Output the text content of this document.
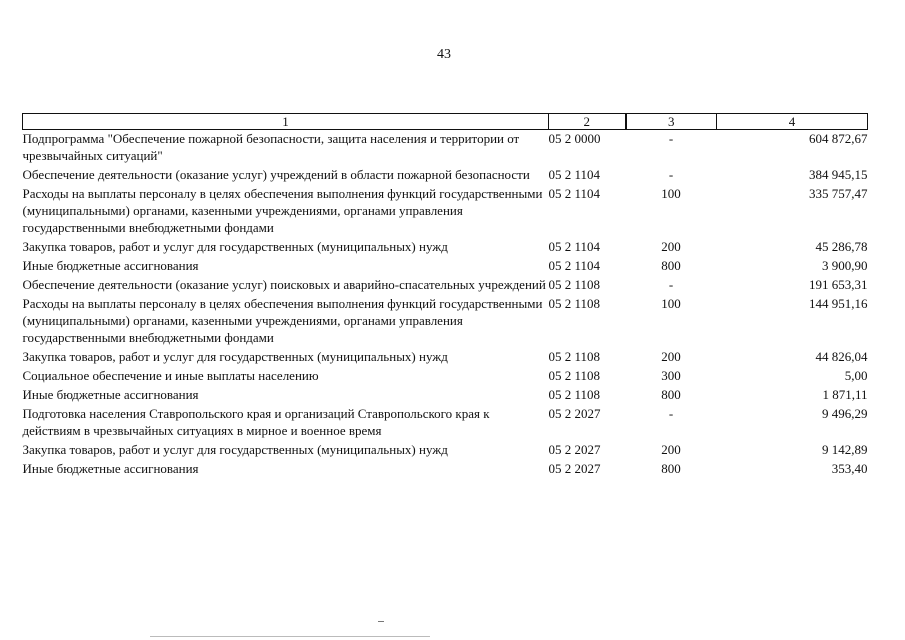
43
1	2	3	4
Подпрограмма "Обеспечение пожарной безопасности, защита населения и территории от чрезвычайных ситуаций"	05 2 0000	-	604 872,67
Обеспечение деятельности (оказание услуг) учреждений в области пожарной безопасности	05 2 1104	-	384 945,15
Расходы на выплаты персоналу в целях обеспечения выполнения функций государственными (муниципальными) органами, казенными учреждениями, органами управления государственными внебюджетными фондами	05 2 1104	100	335 757,47
Закупка товаров, работ и услуг для государственных (муниципальных) нужд	05 2 1104	200	45 286,78
Иные бюджетные ассигнования	05 2 1104	800	3 900,90
Обеспечение деятельности (оказание услуг) поисковых и аварийно-спасательных учреждений	05 2 1108	-	191 653,31
Расходы на выплаты персоналу в целях обеспечения выполнения функций государственными (муниципальными) органами, казенными учреждениями, органами управления государственными внебюджетными фондами	05 2 1108	100	144 951,16
Закупка товаров, работ и услуг для государственных (муниципальных) нужд	05 2 1108	200	44 826,04
Социальное обеспечение и иные выплаты населению	05 2 1108	300	5,00
Иные бюджетные ассигнования	05 2 1108	800	1 871,11
Подготовка населения Ставропольского края и организаций Ставропольского края к действиям в чрезвычайных ситуациях в мирное и военное время	05 2 2027	-	9 496,29
Закупка товаров, работ и услуг для государственных (муниципальных) нужд	05 2 2027	200	9 142,89
Иные бюджетные ассигнования	05 2 2027	800	353,40
